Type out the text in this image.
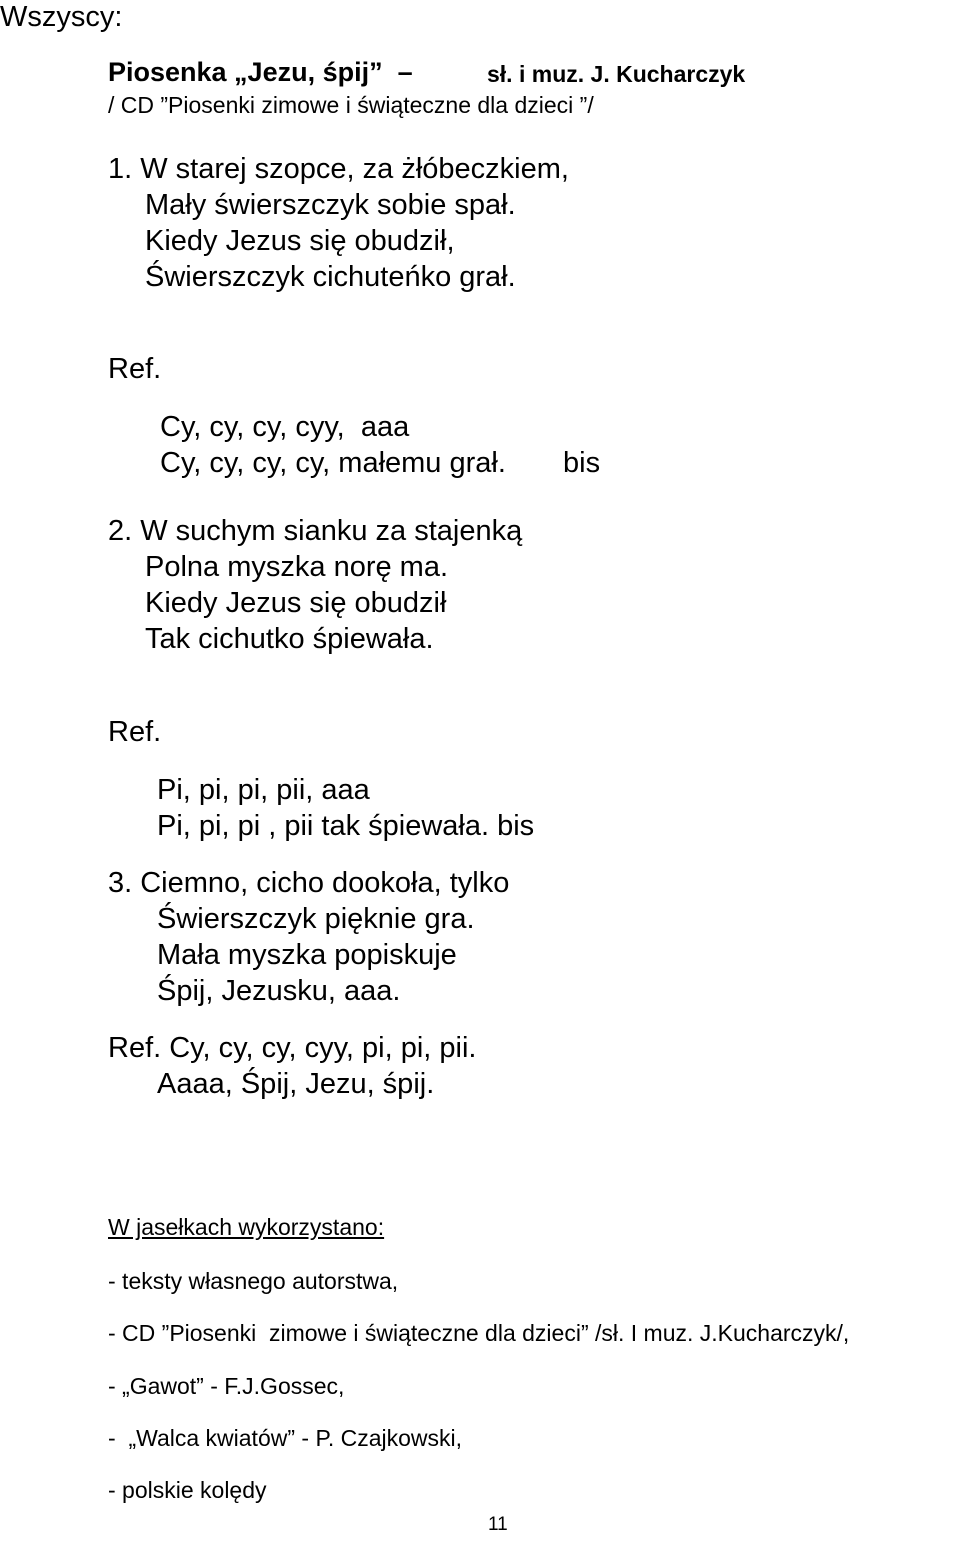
Wszyscy:
Piosenka „Jezu, śpij”  –	sł. i muz. J. Kucharczyk
/ CD ”Piosenki zimowe i świąteczne dla dzieci ”/
1. W starej szopce, za żłóbeczkiem,
Mały świerszczyk sobie spał.
Kiedy Jezus się obudził,
Świerszczyk cichuteńko grał.
Ref.
Cy, cy, cy, cyy,  aaa
Cy, cy, cy, cy, małemu grał. bis
2. W suchym sianku za stajenką
Polna myszka norę ma.
Kiedy Jezus się obudził
Tak cichutko śpiewała.
Ref.
Pi, pi, pi, pii, aaa
Pi, pi, pi , pii tak śpiewała. bis
3. Ciemno, cicho dookoła, tylko
Świerszczyk pięknie gra.
Mała myszka popiskuje
Śpij, Jezusku, aaa.
Ref. Cy, cy, cy, cyy, pi, pi, pii.
Aaaa, Śpij, Jezu, śpij.
W jasełkach wykorzystano:
- teksty własnego autorstwa,
- CD ”Piosenki  zimowe i świąteczne dla dzieci” /sł. I muz. J.Kucharczyk/,
- „Gawot” - F.J.Gossec,
-  „Walca kwiatów” - P. Czajkowski,
- polskie kolędy
11
